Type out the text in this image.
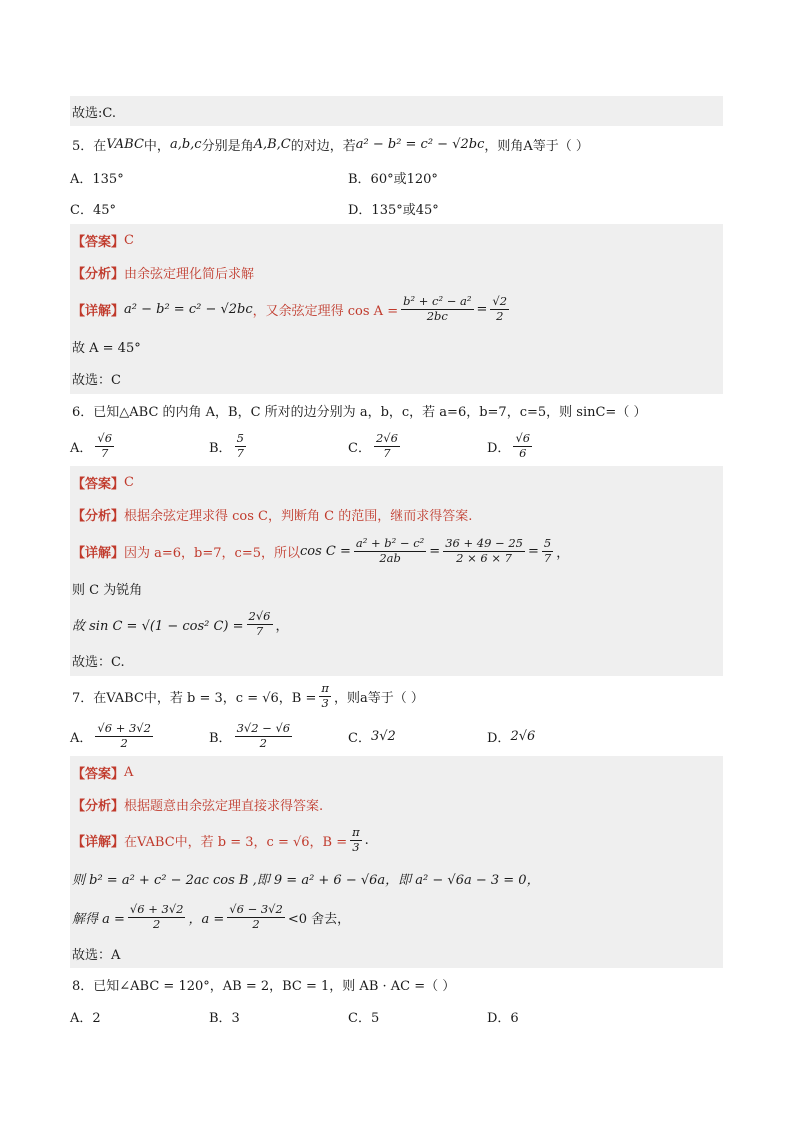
故选:C.
5．在 VABC 中， a,b,c 分别是角 A,B,C 的对边，若 a² − b² = c² − √2bc ，则角A等于（ ）
A．135°	B．60°或120°
C．45°	D．135°或45°
【答案】 C
【分析】 由余弦定理化简后求解
【详解】 a² − b² = c² − √2bc ，又余弦定理得 $\cos A = \frac{\text{b² + c² − a²}}{2bc} = \frac{√2}{2}$
故 A = 45°
故选：C
6．已知△ABC 的内角 A，B，C 所对的边分别为 a，b，c，若 a=6，b=7，c=5，则 sinC=（ ）
A． $\frac{√6}{7}$	B． $\frac{5}{7}$	C． $\frac{2√6}{7}$	D． $\frac{√6}{6}$
【答案】 C
【分析】 根据余弦定理求得 cos C，判断角 C 的范围，继而求得答案.
【详解】 因为 a=6，b=7，c=5，所以 $\cos C = \frac{\text{a² + b² − c²}}{2ab} = \frac{36 + 49 - 25}{2 \times 6 \times 7} = \frac{5}{7}$ ，
则 C 为锐角
故 sin C = √(1 − cos² $C) = \frac{2√6}{7}$ ，
故选：C.
7．在VABC中，若 b = 3，c = √6，$B = \frac{\pi}{3}$ ，则a等于（ ）
A． $\frac{√6 + 3√2}{2}$	B． $\frac{3√2 - √6}{2}$	C． 3√2	D． 2√6
【答案】 A
【分析】 根据题意由余弦定理直接求得答案.
【详解】 在VABC中，若 b = 3，c = √6，$B = \frac{\pi}{3}$ .
则 b² = a² + c² − 2ac cos B ,即 9 = a² + 6 − √6a，即 a² − √6a − 3 = 0，
解得 $a = \frac{√6 + 3√2}{2}$ ，$a = \frac{√6 - 3√2}{2} <0$ 舍去，
故选：A
8．已知∠ABC = 120°，AB = 2，BC = 1，则 AB · AC =（ ）
A．2	B．3	C．5	D．6
